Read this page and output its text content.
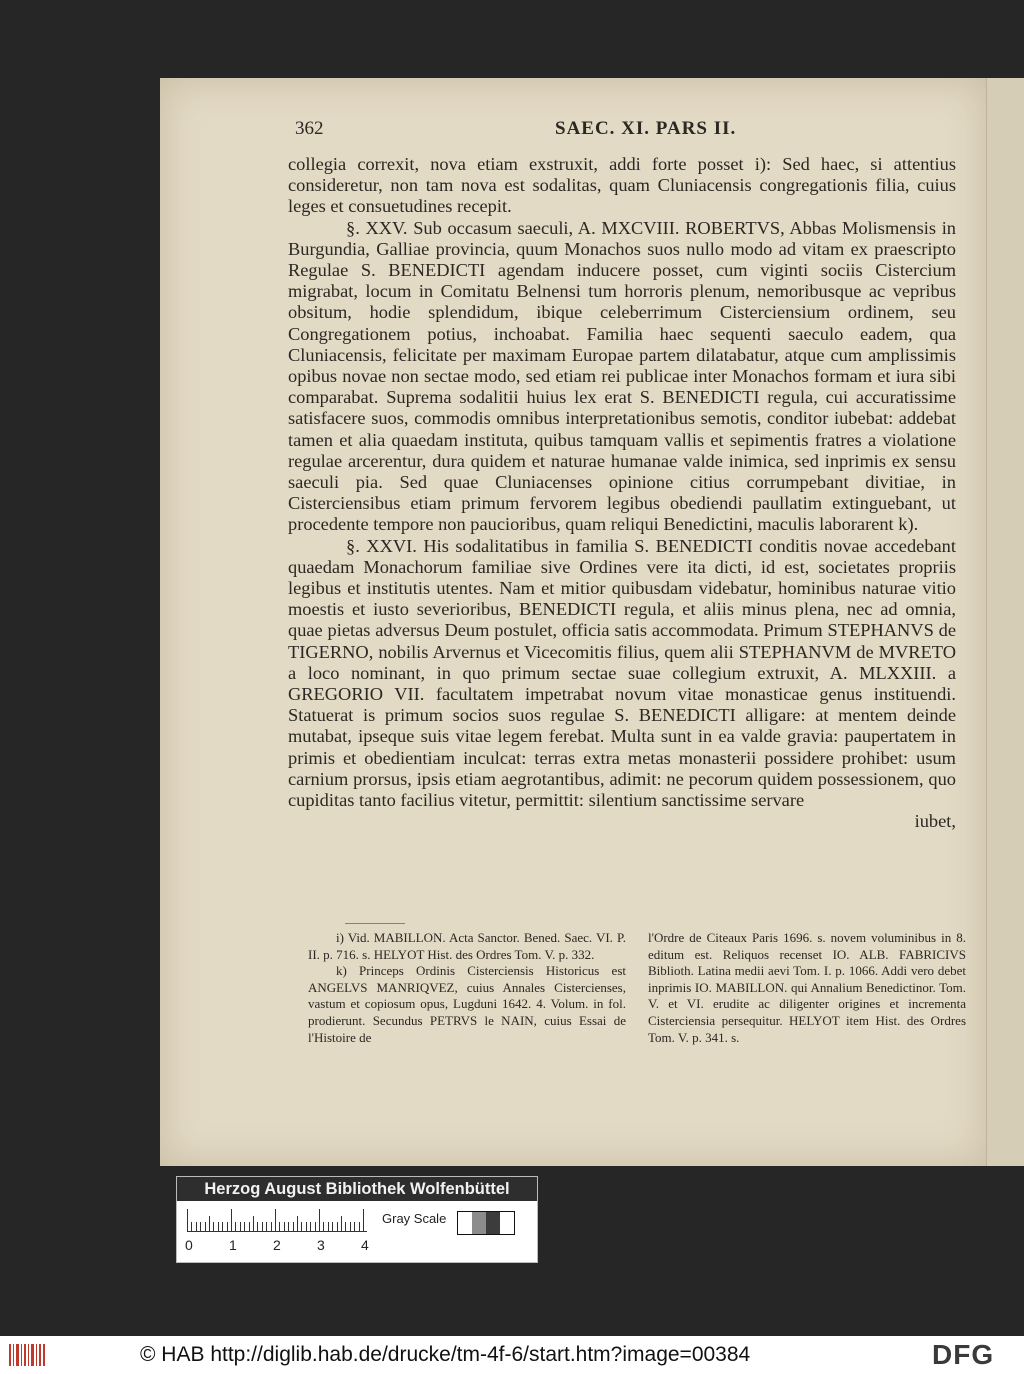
362	SAEC. XI. PARS II.

collegia correxit, nova etiam exstruxit, addi forte posset i): Sed haec, si attentius consideretur, non tam nova est sodalitas, quam Cluniacensis congregationis filia, cuius leges et consuetudines recepit.

§. XXV. Sub occasum saeculi, A. MXCVIII. ROBERTVS, Abbas Molismensis in Burgundia, Galliae provincia, quum Monachos suos nullo modo ad vitam ex praescripto Regulae S. BENEDICTI agendam inducere posset, cum viginti sociis Cistercium migrabat, locum in Comitatu Belnensi tum horroris plenum, nemoribusque ac vepribus obsitum, hodie splendidum, ibique celeberrimum Cisterciensium ordinem, seu Congregationem potius, inchoabat. Familia haec sequenti saeculo eadem, qua Cluniacensis, felicitate per maximam Europae partem dilatabatur, atque cum amplissimis opibus novae non sectae modo, sed etiam rei publicae inter Monachos formam et iura sibi comparabat. Suprema sodalitii huius lex erat S. BENEDICTI regula, cui accuratissime satisfacere suos, commodis omnibus interpretationibus semotis, conditor iubebat: addebat tamen et alia quaedam instituta, quibus tamquam vallis et sepimentis fratres a violatione regulae arcerentur, dura quidem et naturae humanae valde inimica, sed inprimis ex sensu saeculi pia. Sed quae Cluniacenses opinione citius corrumpebant divitiae, in Cisterciensibus etiam primum fervorem legibus obediendi paullatim extinguebant, ut procedente tempore non paucioribus, quam reliqui Benedictini, maculis laborarent k).

§. XXVI. His sodalitatibus in familia S. BENEDICTI conditis novae accedebant quaedam Monachorum familiae sive Ordines vere ita dicti, id est, societates propriis legibus et institutis utentes. Nam et mitior quibusdam videbatur, hominibus naturae vitio moestis et iusto severioribus, BENEDICTI regula, et aliis minus plena, nec ad omnia, quae pietas adversus Deum postulet, officia satis accommodata. Primum STEPHANVS de TIGERNO, nobilis Arvernus et Vicecomitis filius, quem alii STEPHANVM de MVRETO a loco nominant, in quo primum sectae suae collegium extruxit, A. MLXXIII. a GREGORIO VII. facultatem impetrabat novum vitae monasticae genus instituendi. Statuerat is primum socios suos regulae S. BENEDICTI alligare: at mentem deinde mutabat, ipseque suis vitae legem ferebat. Multa sunt in ea valde gravia: paupertatem in primis et obedientiam inculcat: terras extra metas monasterii possidere prohibet: usum carnium prorsus, ipsis etiam aegrotantibus, adimit: ne pecorum quidem possessionem, quo cupiditas tanto facilius vitetur, permittit: silentium sanctissime servare

iubet,

i) Vid. MABILLON. Acta Sanctor. Bened. Saec. VI. P. II. p. 716. s. HELYOT Hist. des Ordres Tom. V. p. 332.

k) Princeps Ordinis Cisterciensis Historicus est ANGELVS MANRIQVEZ, cuius Annales Cistercienses, vastum et copiosum opus, Lugduni 1642. 4. Volum. in fol. prodierunt. Secundus PETRVS le NAIN, cuius Essai de l'Histoire de

l'Ordre de Citeaux Paris 1696. s. novem voluminibus in 8. editum est. Reliquos recenset IO. ALB. FABRICIVS Biblioth. Latina medii aevi Tom. I. p. 1066. Addi vero debet inprimis IO. MABILLON. qui Annalium Benedictinor. Tom. V. et VI. erudite ac diligenter origines et incrementa Cisterciensia persequitur. HELYOT item Hist. des Ordres Tom. V. p. 341. s.

Herzog August Bibliothek Wolfenbüttel
0	1	2	3	4
Gray Scale
© HAB http://diglib.hab.de/drucke/tm-4f-6/start.htm?image=00384	DFG
